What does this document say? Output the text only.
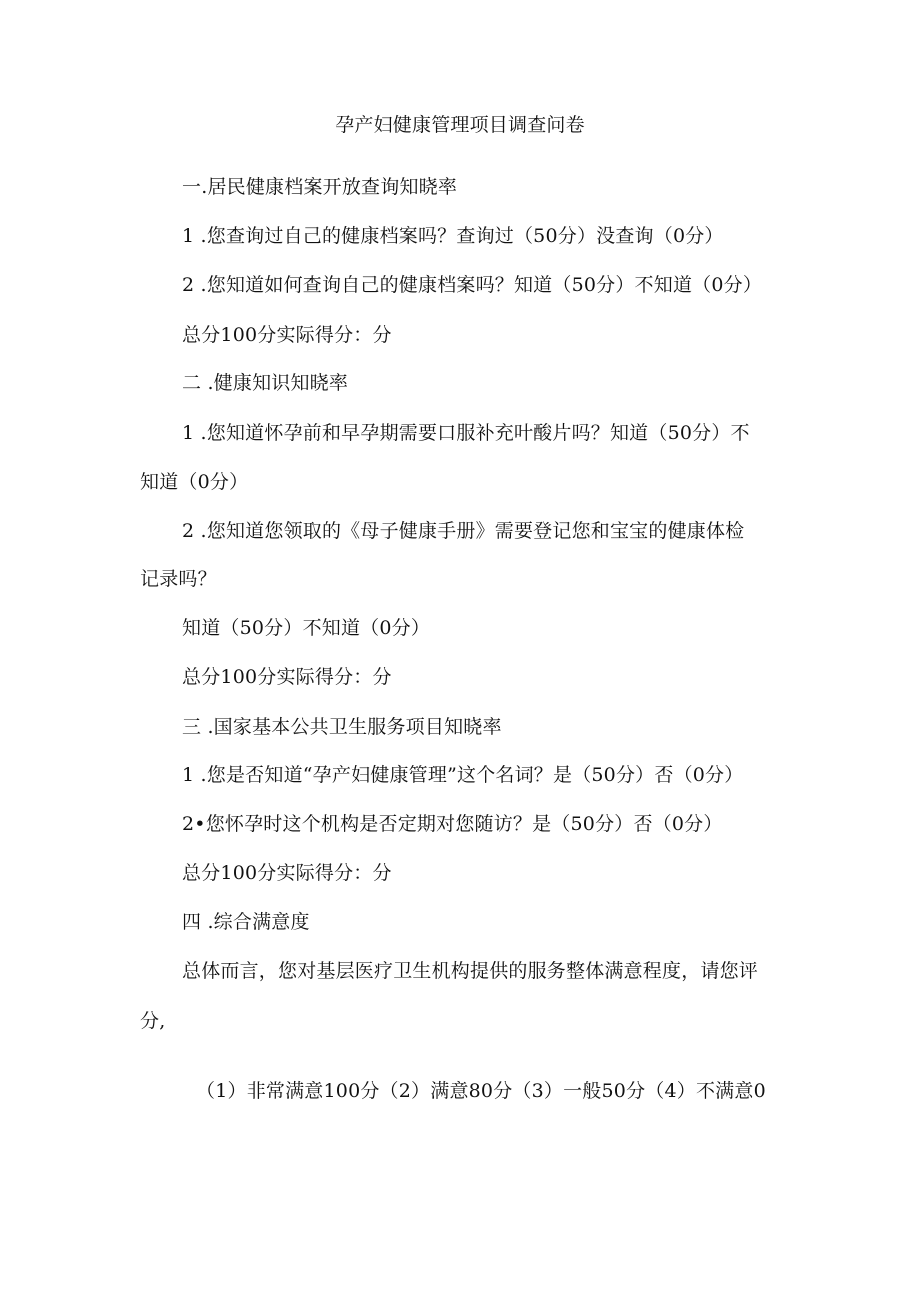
孕产妇健康管理项目调查问卷
一.居民健康档案开放查询知晓率
1 .您查询过自己的健康档案吗？查询过（50分）没查询（0分）
2 .您知道如何查询自己的健康档案吗？知道（50分）不知道（0分）
总分100分实际得分：分
二 .健康知识知晓率
1 .您知道怀孕前和早孕期需要口服补充叶酸片吗？知道（50分）不
知道（0分）
2 .您知道您领取的《母子健康手册》需要登记您和宝宝的健康体检
记录吗？
知道（50分）不知道（0分）
总分100分实际得分：分
三 .国家基本公共卫生服务项目知晓率
1 .您是否知道“孕产妇健康管理”这个名词？是（50分）否（0分）
2•您怀孕时这个机构是否定期对您随访？是（50分）否（0分）
总分100分实际得分：分
四 .综合满意度
总体而言，您对基层医疗卫生机构提供的服务整体满意程度，请您评
分,
（1）非常满意100分（2）满意80分（3）一般50分（4）不满意0
